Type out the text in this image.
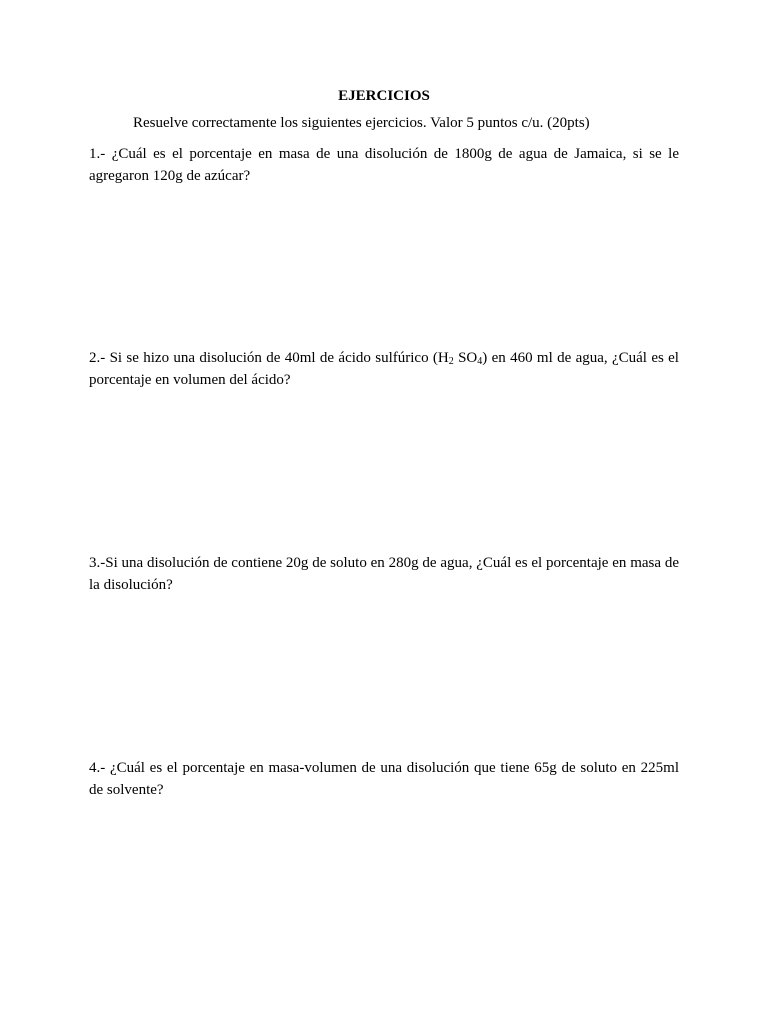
EJERCICIOS
Resuelve correctamente los siguientes ejercicios. Valor 5 puntos c/u. (20pts)

1.- ¿Cuál es el porcentaje en masa de una disolución de 1800g de agua de Jamaica, si se le agregaron 120g de azúcar?

2.- Si se hizo una disolución de 40ml de ácido sulfúrico ($H_2$ $SO_4$) en 460 ml de agua, ¿Cuál es el porcentaje en volumen del ácido?

3.-Si una disolución de contiene 20g de soluto en 280g de agua, ¿Cuál es el porcentaje en masa de la disolución?

4.- ¿Cuál es el porcentaje en masa-volumen de una disolución que tiene 65g de soluto en 225ml de solvente?
